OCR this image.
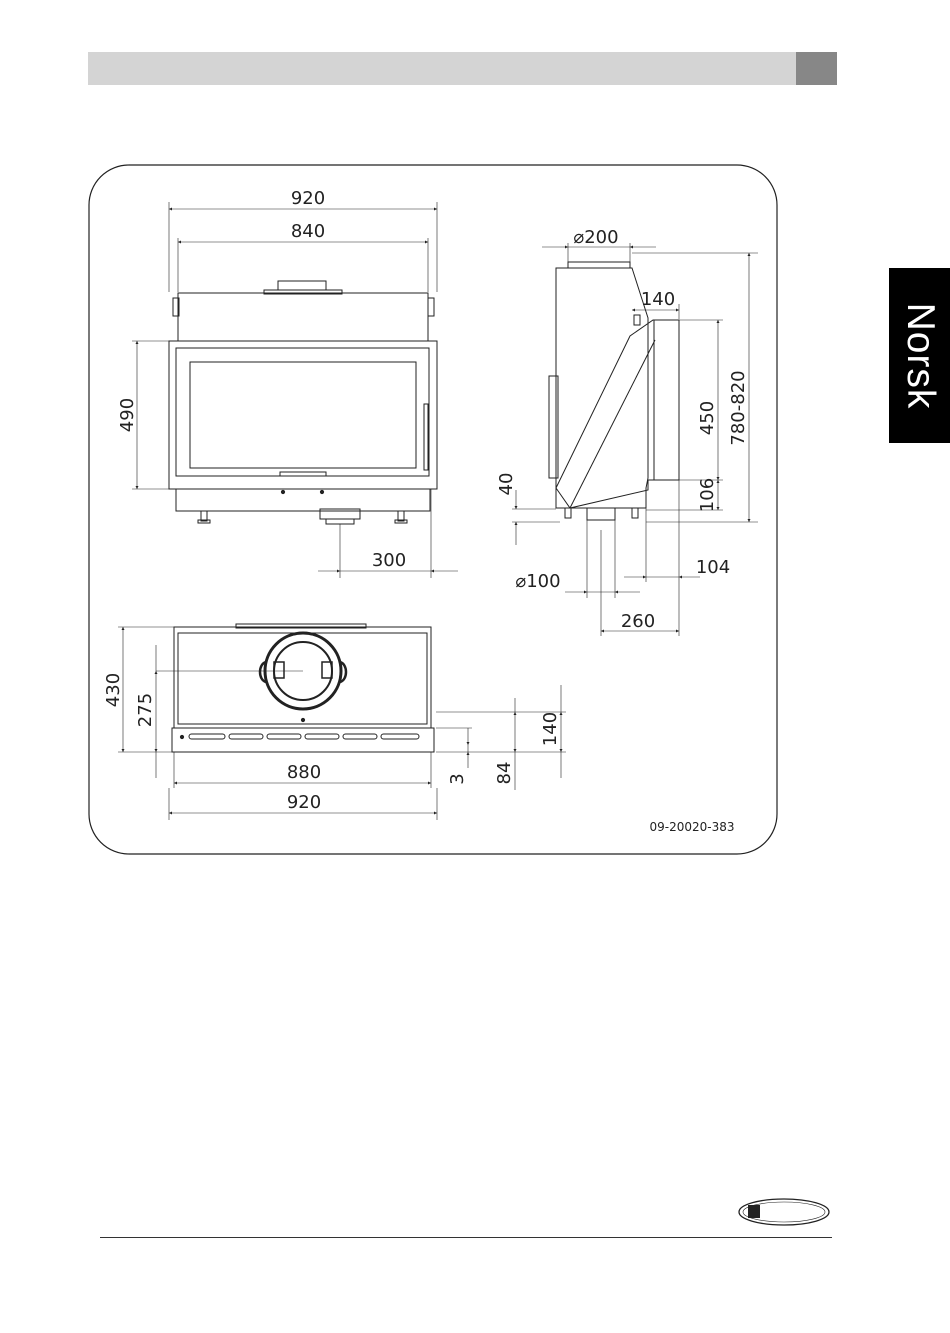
Norsk
920
840
490
300
⌀200
140
450 780-820
40	106
⌀100
104
260
430
275
880
920
140
84
3
09-20020-383
